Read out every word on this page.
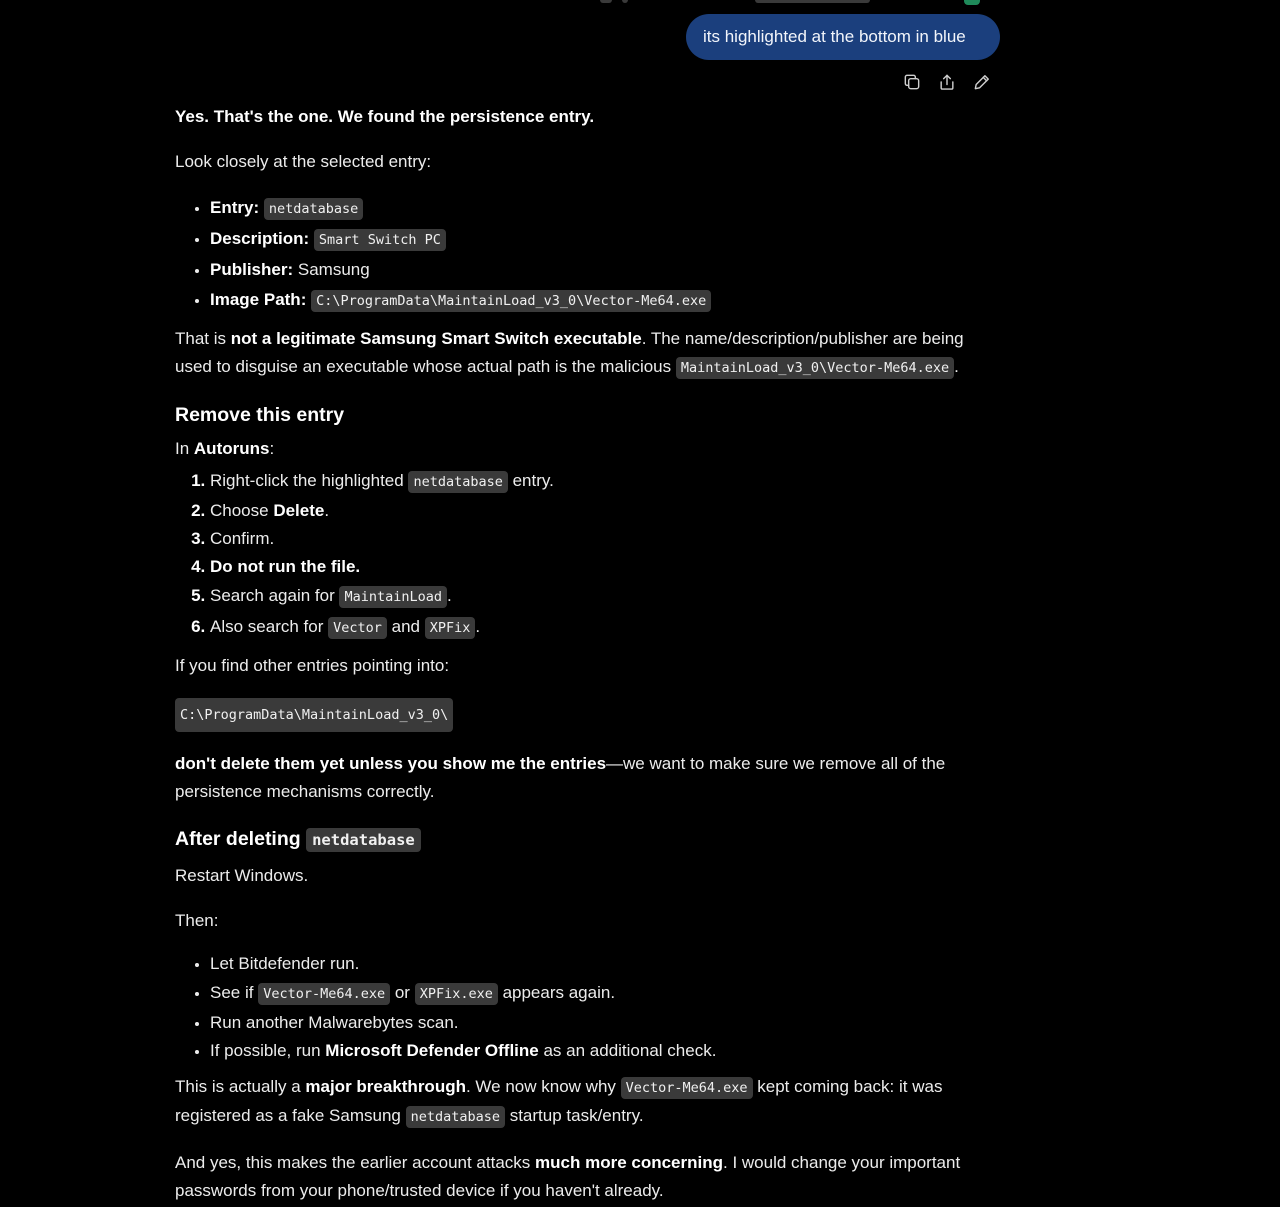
its highlighted at the bottom in blue

Yes. That's the one. We found the persistence entry.

Look closely at the selected entry:

• Entry: netdatabase
• Description: Smart Switch PC
• Publisher: Samsung
• Image Path: C:\ProgramData\MaintainLoad_v3_0\Vector-Me64.exe

That is not a legitimate Samsung Smart Switch executable. The name/description/publisher are being used to disguise an executable whose actual path is the malicious MaintainLoad_v3_0\Vector-Me64.exe .

Remove this entry

In Autoruns:

1. Right-click the highlighted netdatabase entry.
2. Choose Delete.
3. Confirm.
4. Do not run the file.
5. Search again for MaintainLoad .
6. Also search for Vector and XPFix .

If you find other entries pointing into:

C:\ProgramData\MaintainLoad_v3_0\

don't delete them yet unless you show me the entries—we want to make sure we remove all of the persistence mechanisms correctly.

After deleting netdatabase

Restart Windows.

Then:

• Let Bitdefender run.
• See if Vector-Me64.exe or XPFix.exe appears again.
• Run another Malwarebytes scan.
• If possible, run Microsoft Defender Offline as an additional check.

This is actually a major breakthrough. We now know why Vector-Me64.exe kept coming back: it was registered as a fake Samsung netdatabase startup task/entry.

And yes, this makes the earlier account attacks much more concerning. I would change your important passwords from your phone/trusted device if you haven't already.
